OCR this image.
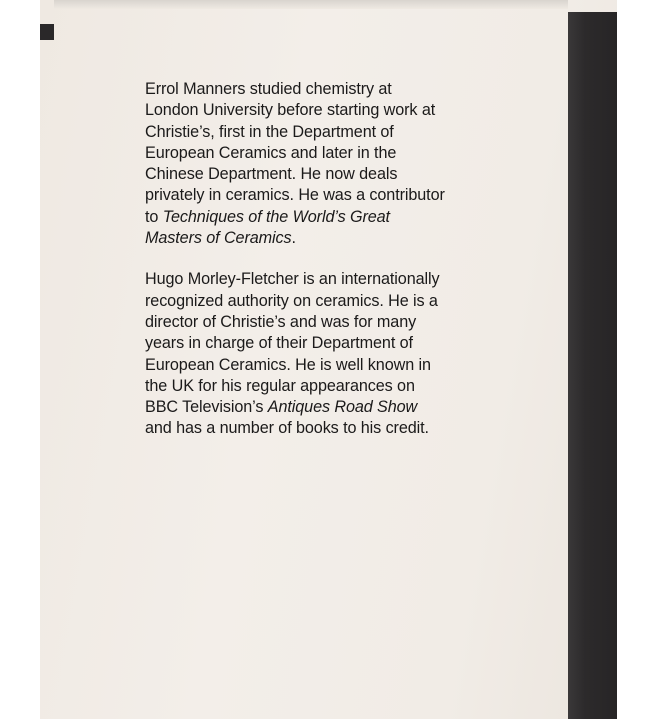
Errol Manners studied chemistry at
London University before starting work at
Christie’s, first in the Department of
European Ceramics and later in the
Chinese Department. He now deals
privately in ceramics. He was a contributor
to Techniques of the World’s Great
Masters of Ceramics.

Hugo Morley-Fletcher is an internationally
recognized authority on ceramics. He is a
director of Christie’s and was for many
years in charge of their Department of
European Ceramics. He is well known in
the UK for his regular appearances on
BBC Television’s Antiques Road Show
and has a number of books to his credit.
